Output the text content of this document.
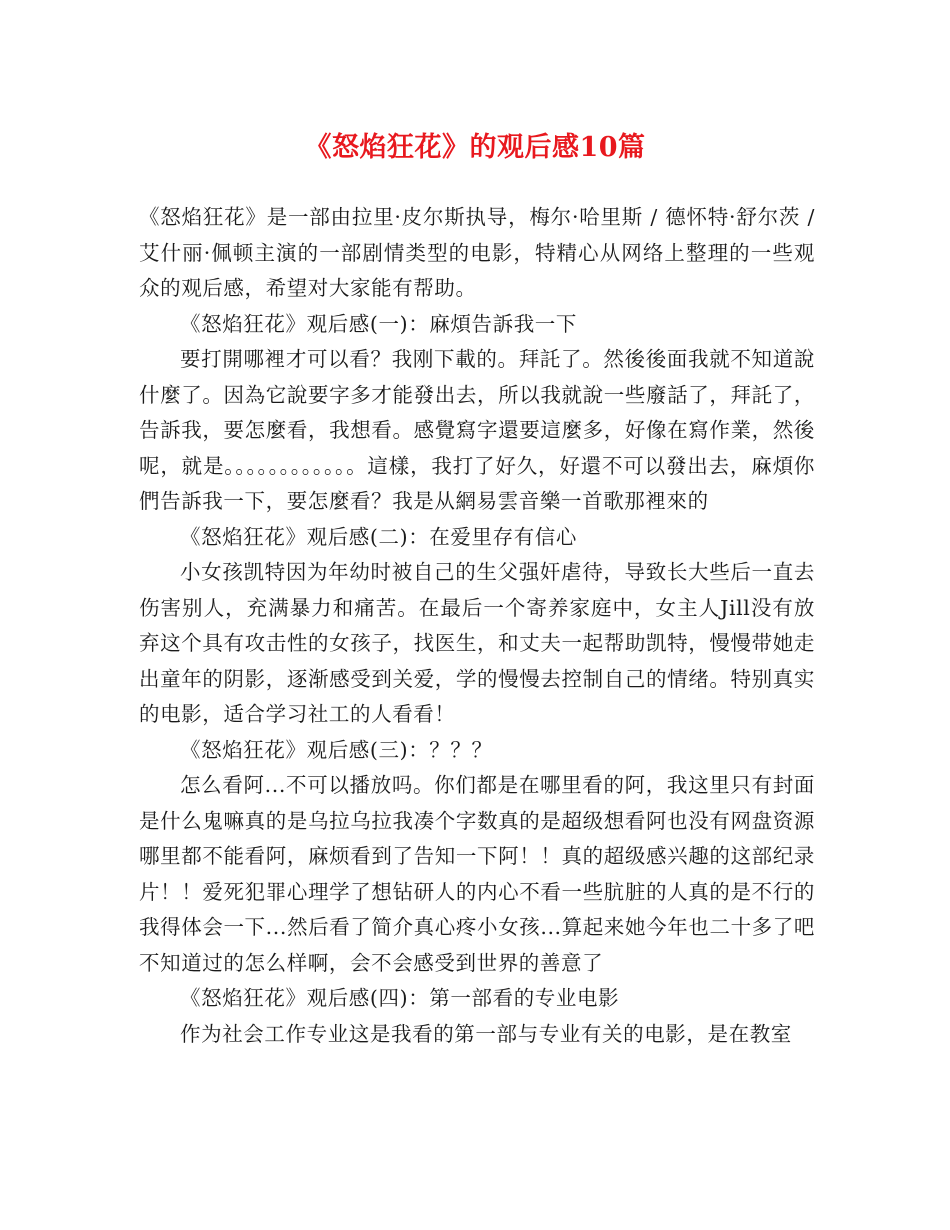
《怒焰狂花》的观后感10篇

《怒焰狂花》是一部由拉里·皮尔斯执导，梅尔·哈里斯 / 德怀特·舒尔茨 / 艾什丽·佩顿主演的一部剧情类型的电影，特精心从网络上整理的一些观众的观后感，希望对大家能有帮助。

《怒焰狂花》观后感(一)：麻煩告訴我一下

要打開哪裡才可以看？我刚下載的。拜託了。然後後面我就不知道說什麼了。因為它說要字多才能發出去，所以我就說一些廢話了，拜託了，告訴我，要怎麼看，我想看。感覺寫字還要這麼多，好像在寫作業，然後呢，就是。。。。。。。。。。。。這樣，我打了好久，好還不可以發出去，麻煩你們告訴我一下，要怎麼看？我是从網易雲音樂一首歌那裡來的

《怒焰狂花》观后感(二)：在爱里存有信心

小女孩凯特因为年幼时被自己的生父强奸虐待，导致长大些后一直去伤害别人，充满暴力和痛苦。在最后一个寄养家庭中，女主人Jill没有放弃这个具有攻击性的女孩子，找医生，和丈夫一起帮助凯特，慢慢带她走出童年的阴影，逐渐感受到关爱，学的慢慢去控制自己的情绪。特别真实的电影，适合学习社工的人看看！

《怒焰狂花》观后感(三)：？？？

怎么看阿...不可以播放吗。你们都是在哪里看的阿，我这里只有封面是什么鬼嘛真的是乌拉乌拉我凑个字数真的是超级想看阿也没有网盘资源哪里都不能看阿，麻烦看到了告知一下阿！！真的超级感兴趣的这部纪录片！！爱死犯罪心理学了想钻研人的内心不看一些肮脏的人真的是不行的我得体会一下...然后看了简介真心疼小女孩...算起来她今年也二十多了吧不知道过的怎么样啊，会不会感受到世界的善意了

《怒焰狂花》观后感(四)：第一部看的专业电影

作为社会工作专业这是我看的第一部与专业有关的电影，是在教室
